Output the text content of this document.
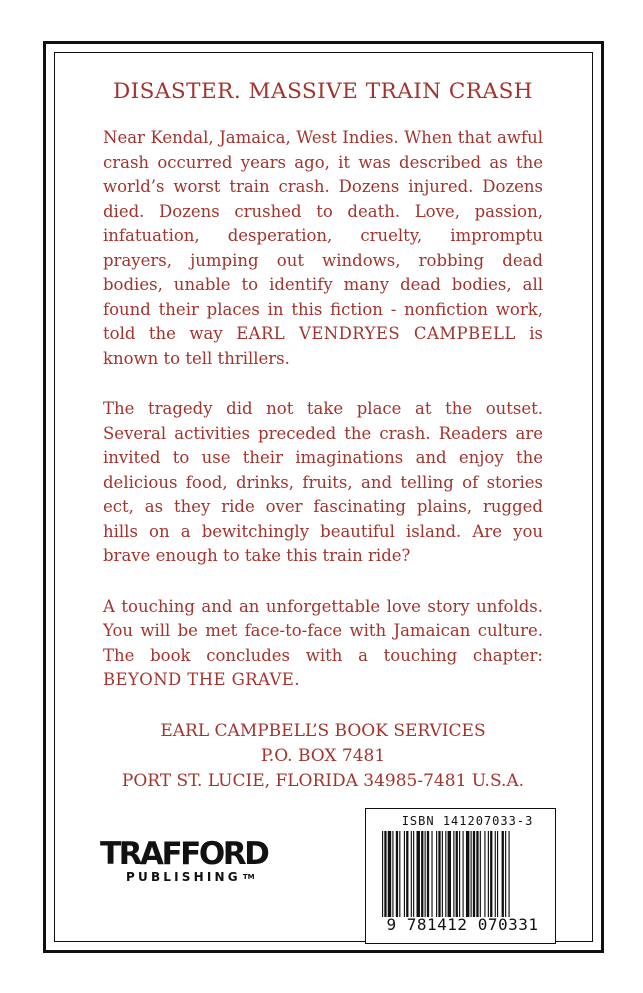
DISASTER. MASSIVE TRAIN CRASH

Near Kendal, Jamaica, West Indies. When that awful crash occurred years ago, it was described as the world’s worst train crash. Dozens injured. Dozens died. Dozens crushed to death. Love, passion, infatuation, desperation, cruelty, impromptu prayers, jumping out windows, robbing dead bodies, unable to identify many dead bodies, all found their places in this fiction - nonfiction work, told the way EARL VENDRYES CAMPBELL is known to tell thrillers.

The tragedy did not take place at the outset. Several activities preceded the crash. Readers are invited to use their imaginations and enjoy the delicious food, drinks, fruits, and telling of stories ect, as they ride over fascinating plains, rugged hills on a bewitchingly beautiful island. Are you brave enough to take this train ride?

A touching and an unforgettable love story unfolds. You will be met face-to-face with Jamaican culture. The book concludes with a touching chapter: BEYOND THE GRAVE.

EARL CAMPBELL’S BOOK SERVICES
P.O. BOX 7481
PORT ST. LUCIE, FLORIDA 34985-7481 U.S.A.
TRAFFORD
PUBLISHING ™
ISBN 141207033-3
9 781412 070331
